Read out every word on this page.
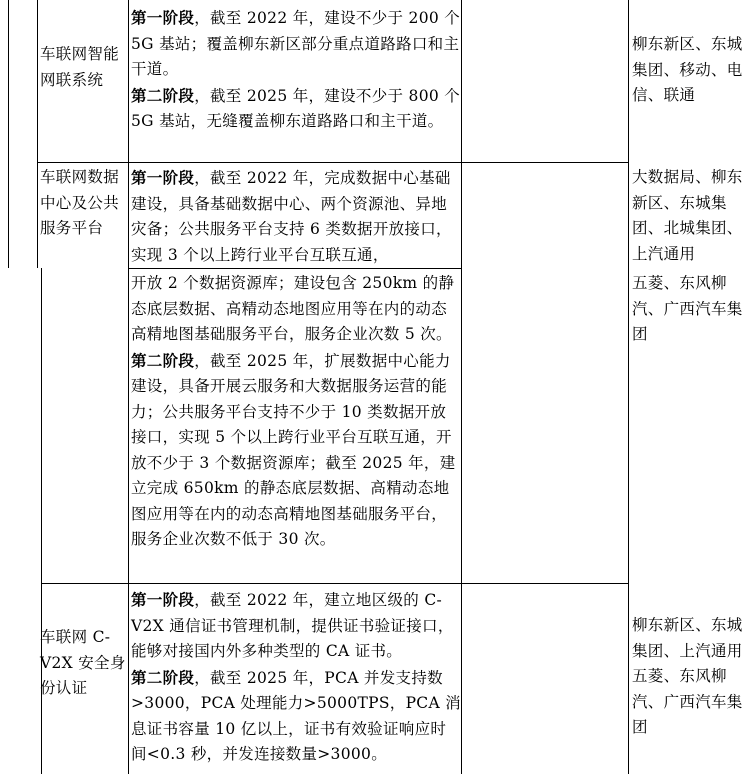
车联网智能网联系统

第一阶段，截至 2022 年，建设不少于 200 个 5G 基站；覆盖柳东新区部分重点道路路口和主干道。

第二阶段，截至 2025 年，建设不少于 800 个 5G 基站，无缝覆盖柳东道路路口和主干道。

柳东新区、东城集团、移动、电信、联通

车联网数据中心及公共服务平台

第一阶段，截至 2022 年，完成数据中心基础建设，具备基础数据中心、两个资源池、异地灾备；公共服务平台支持 6 类数据开放接口，实现 3 个以上跨行业平台互联互通，

大数据局、柳东新区、东城集团、北城集团、上汽通用

开放 2 个数据资源库；建设包含 250km 的静态底层数据、高精动态地图应用等在内的动态高精地图基础服务平台，服务企业次数 5 次。

第二阶段，截至 2025 年，扩展数据中心能力建设，具备开展云服务和大数据服务运营的能力；公共服务平台支持不少于 10 类数据开放接口，实现 5 个以上跨行业平台互联互通，开放不少于 3 个数据资源库；截至 2025 年，建立完成 650km 的静态底层数据、高精动态地图应用等在内的动态高精地图基础服务平台，服务企业次数不低于 30 次。

五菱、东风柳汽、广西汽车集团

车联网 C-V2X 安全身份认证

第一阶段，截至 2022 年，建立地区级的 C-V2X 通信证书管理机制，提供证书验证接口，能够对接国内外多种类型的 CA 证书。

第二阶段，截至 2025 年，PCA 并发支持数>3000，PCA 处理能力>5000TPS，PCA 消息证书容量 10 亿以上，证书有效验证响应时间<0.3 秒，并发连接数量>3000。

柳东新区、东城集团、上汽通用五菱、东风柳汽、广西汽车集团
